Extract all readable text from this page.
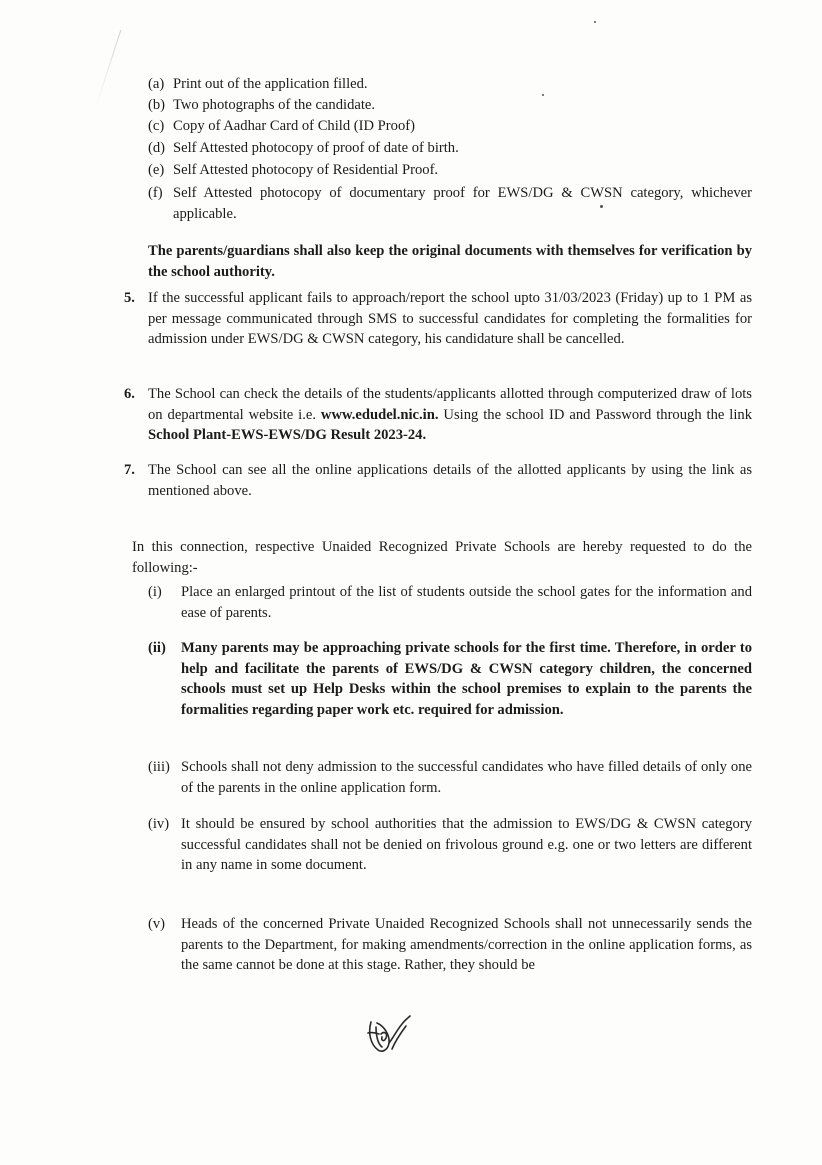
(a) Print out of the application filled.
(b) Two photographs of the candidate.
(c) Copy of Aadhar Card of Child (ID Proof)
(d) Self Attested photocopy of proof of date of birth.
(e) Self Attested photocopy of Residential Proof.
(f) Self Attested photocopy of documentary proof for EWS/DG & CWSN category, whichever applicable.
The parents/guardians shall also keep the original documents with themselves for verification by the school authority.
5. If the successful applicant fails to approach/report the school upto 31/03/2023 (Friday) up to 1 PM as per message communicated through SMS to successful candidates for completing the formalities for admission under EWS/DG & CWSN category, his candidature shall be cancelled.
6. The School can check the details of the students/applicants allotted through computerized draw of lots on departmental website i.e. www.edudel.nic.in. Using the school ID and Password through the link School Plant-EWS-EWS/DG Result 2023-24.
7. The School can see all the online applications details of the allotted applicants by using the link as mentioned above.
In this connection, respective Unaided Recognized Private Schools are hereby requested to do the following:-
(i)	Place an enlarged printout of the list of students outside the school gates for the information and ease of parents.
(ii)	Many parents may be approaching private schools for the first time. Therefore, in order to help and facilitate the parents of EWS/DG & CWSN category children, the concerned schools must set up Help Desks within the school premises to explain to the parents the formalities regarding paper work etc. required for admission.
(iii) Schools shall not deny admission to the successful candidates who have filled details of only one of the parents in the online application form.
(iv) It should be ensured by school authorities that the admission to EWS/DG & CWSN category successful candidates shall not be denied on frivolous ground e.g. one or two letters are different in any name in some document.
(v)	Heads of the concerned Private Unaided Recognized Schools shall not unnecessarily sends the parents to the Department, for making amendments/correction in the online application forms, as the same cannot be done at this stage. Rather, they should be
